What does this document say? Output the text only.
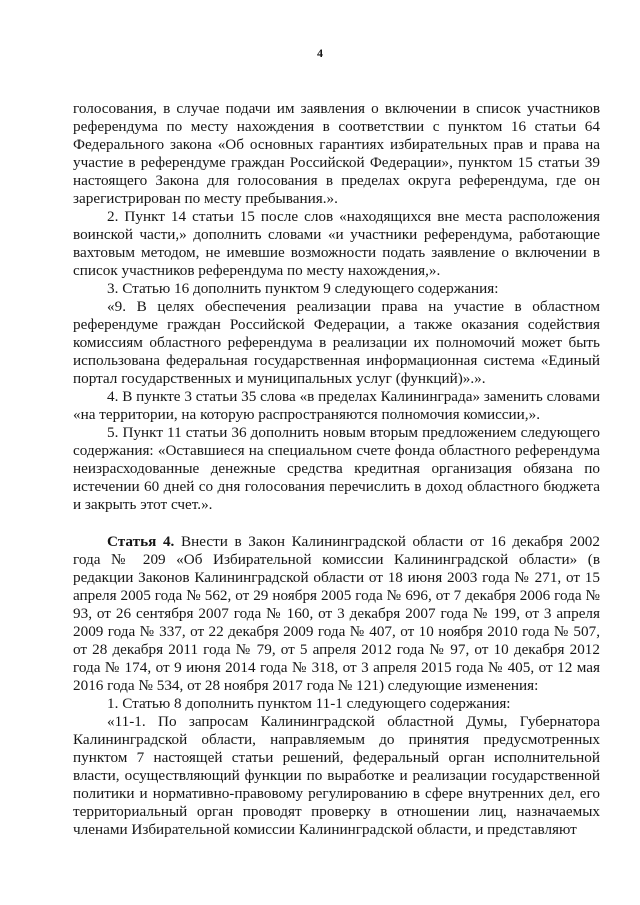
4

голосования, в случае подачи им заявления о включении в список участников референдума по месту нахождения в соответствии с пунктом 16 статьи 64 Федерального закона «Об основных гарантиях избирательных прав и права на участие в референдуме граждан Российской Федерации», пунктом 15 статьи 39 настоящего Закона для голосования в пределах округа референдума, где он зарегистрирован по месту пребывания.».

2. Пункт 14 статьи 15 после слов «находящихся вне места расположения воинской части,» дополнить словами «и участники референдума, работающие вахтовым методом, не имевшие возможности подать заявление о включении в список участников референдума по месту нахождения,».

3. Статью 16 дополнить пунктом 9 следующего содержания:

«9. В целях обеспечения реализации права на участие в областном референдуме граждан Российской Федерации, а также оказания содействия комиссиям областного референдума в реализации их полномочий может быть использована федеральная государственная информационная система «Единый портал государственных и муниципальных услуг (функций)».».

4. В пункте 3 статьи 35 слова «в пределах Калининграда» заменить словами «на территории, на которую распространяются полномочия комиссии,».

5. Пункт 11 статьи 36 дополнить новым вторым предложением следующего содержания: «Оставшиеся на специальном счете фонда областного референдума неизрасходованные денежные средства кредитная организация обязана по истечении 60 дней со дня голосования перечислить в доход областного бюджета и закрыть этот счет.».

Статья 4. Внести в Закон Калининградской области от 16 декабря 2002 года № 209 «Об Избирательной комиссии Калининградской области» (в редакции Законов Калининградской области от 18 июня 2003 года № 271, от 15 апреля 2005 года № 562, от 29 ноября 2005 года № 696, от 7 декабря 2006 года № 93, от 26 сентября 2007 года № 160, от 3 декабря 2007 года № 199, от 3 апреля 2009 года № 337, от 22 декабря 2009 года № 407, от 10 ноября 2010 года № 507, от 28 декабря 2011 года № 79, от 5 апреля 2012 года № 97, от 10 декабря 2012 года № 174, от 9 июня 2014 года № 318, от 3 апреля 2015 года № 405, от 12 мая 2016 года № 534, от 28 ноября 2017 года № 121) следующие изменения:

1. Статью 8 дополнить пунктом 11-1 следующего содержания:

«11-1. По запросам Калининградской областной Думы, Губернатора Калининградской области, направляемым до принятия предусмотренных пунктом 7 настоящей статьи решений, федеральный орган исполнительной власти, осуществляющий функции по выработке и реализации государственной политики и нормативно-правовому регулированию в сфере внутренних дел, его территориальный орган проводят проверку в отношении лиц, назначаемых членами Избирательной комиссии Калининградской области, и представляют
